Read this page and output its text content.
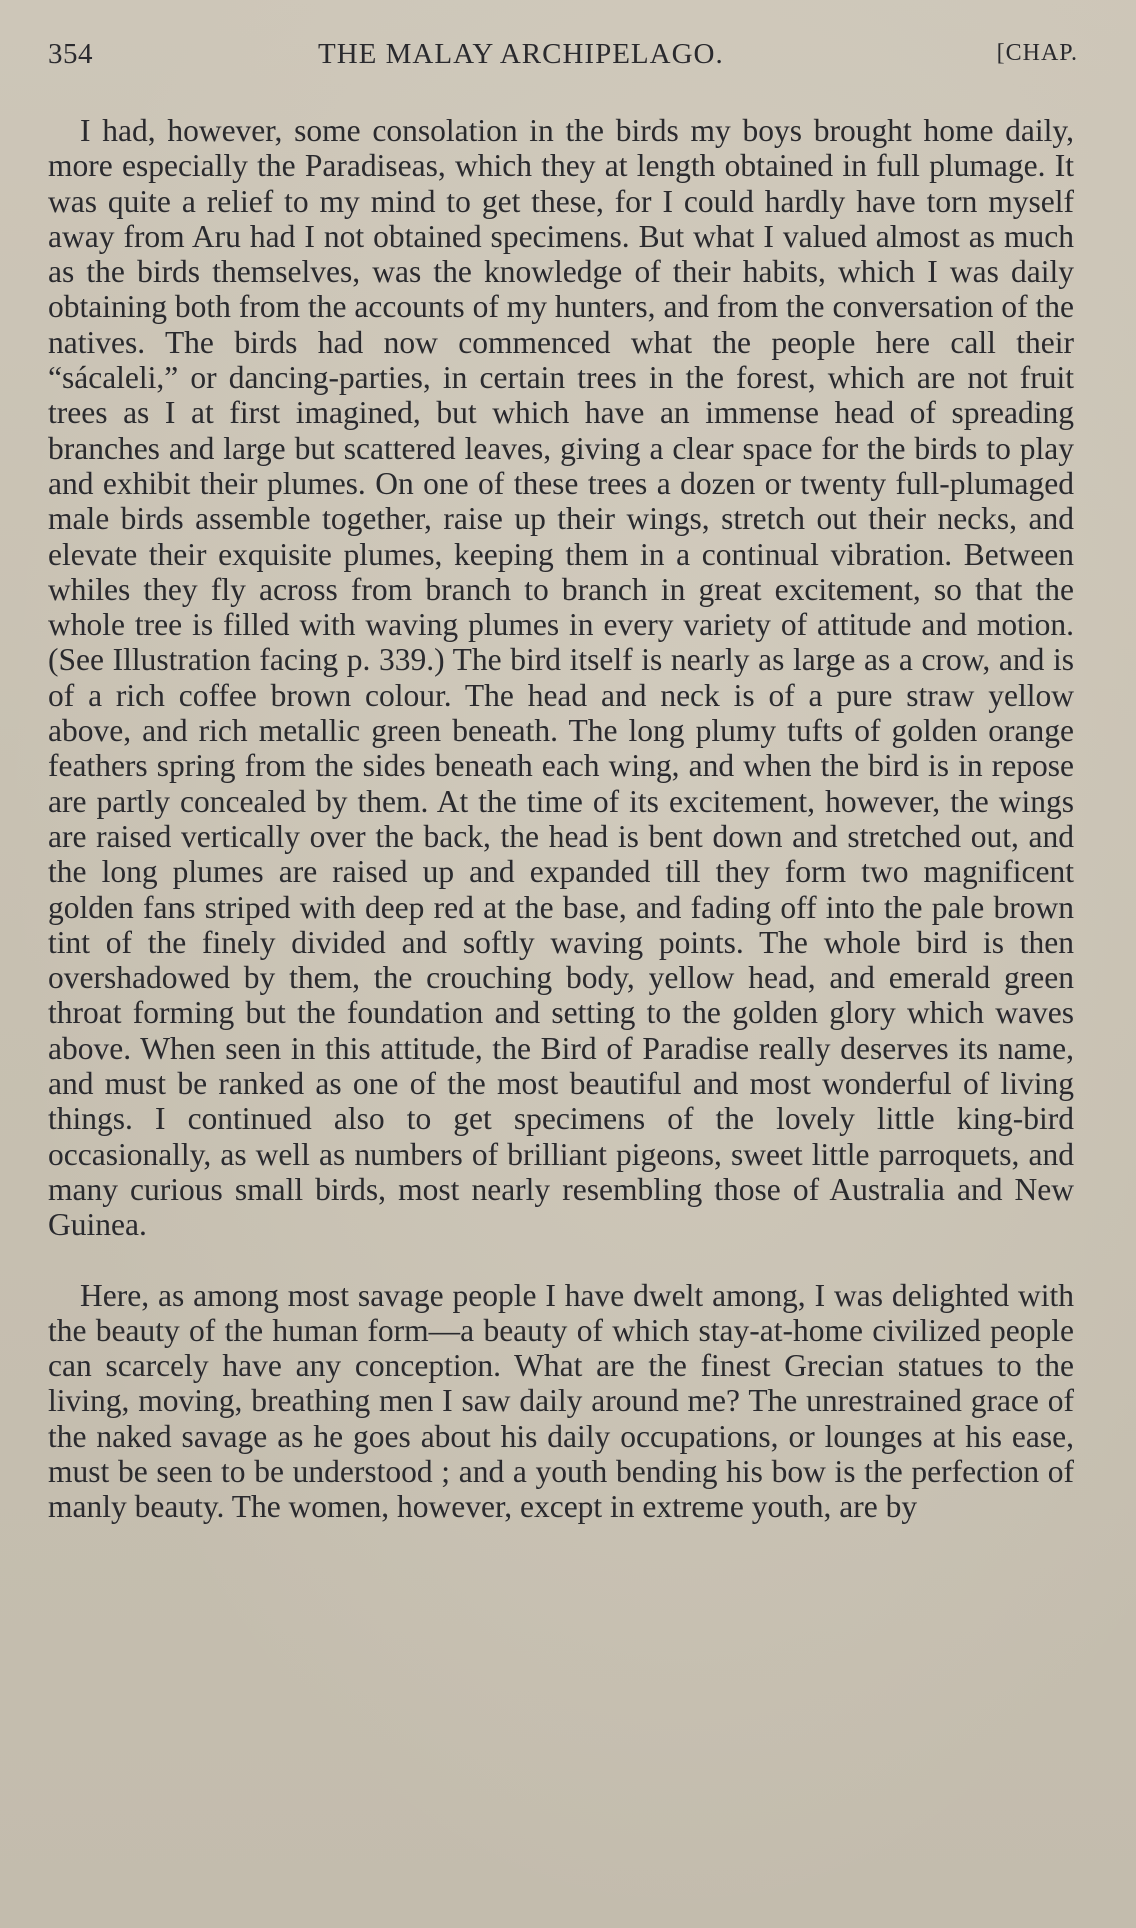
354	THE MALAY ARCHIPELAGO.	[CHAP.

I had, however, some consolation in the birds my boys brought home daily, more especially the Paradiseas, which they at length obtained in full plumage. It was quite a relief to my mind to get these, for I could hardly have torn myself away from Aru had I not obtained specimens. But what I valued almost as much as the birds themselves, was the knowledge of their habits, which I was daily obtaining both from the accounts of my hunters, and from the conversation of the natives. The birds had now commenced what the people here call their “sácaleli,” or dancing-parties, in certain trees in the forest, which are not fruit trees as I at first imagined, but which have an immense head of spreading branches and large but scattered leaves, giving a clear space for the birds to play and exhibit their plumes. On one of these trees a dozen or twenty full-plumaged male birds assemble together, raise up their wings, stretch out their necks, and elevate their exquisite plumes, keeping them in a continual vibration. Between whiles they fly across from branch to branch in great excitement, so that the whole tree is filled with waving plumes in every variety of attitude and motion. (See Illustration facing p. 339.) The bird itself is nearly as large as a crow, and is of a rich coffee brown colour. The head and neck is of a pure straw yellow above, and rich metallic green beneath. The long plumy tufts of golden orange feathers spring from the sides beneath each wing, and when the bird is in repose are partly concealed by them. At the time of its excitement, however, the wings are raised vertically over the back, the head is bent down and stretched out, and the long plumes are raised up and expanded till they form two magnificent golden fans striped with deep red at the base, and fading off into the pale brown tint of the finely divided and softly waving points. The whole bird is then overshadowed by them, the crouching body, yellow head, and emerald green throat forming but the foundation and setting to the golden glory which waves above. When seen in this attitude, the Bird of Paradise really deserves its name, and must be ranked as one of the most beautiful and most wonderful of living things. I continued also to get specimens of the lovely little king-bird occasionally, as well as numbers of brilliant pigeons, sweet little parroquets, and many curious small birds, most nearly resembling those of Australia and New Guinea.

Here, as among most savage people I have dwelt among, I was delighted with the beauty of the human form—a beauty of which stay-at-home civilized people can scarcely have any conception. What are the finest Grecian statues to the living, moving, breathing men I saw daily around me? The unrestrained grace of the naked savage as he goes about his daily occupations, or lounges at his ease, must be seen to be understood ; and a youth bending his bow is the perfection of manly beauty. The women, however, except in extreme youth, are by
